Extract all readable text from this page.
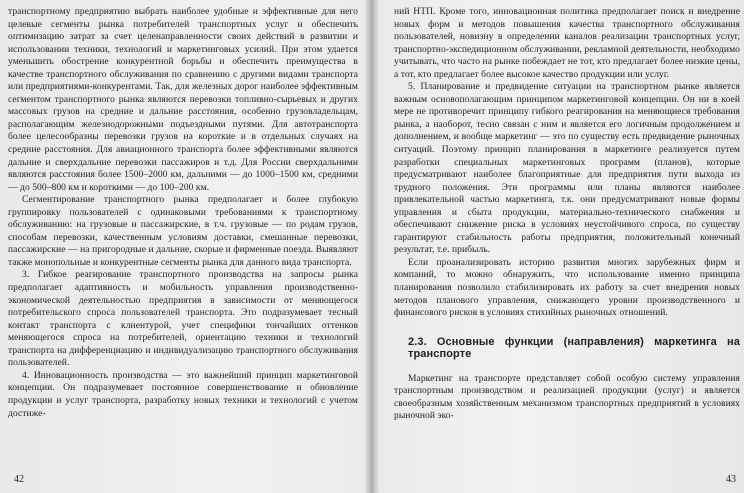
транспортному предприятию выбрать наиболее удобные и эффективные для него целевые сегменты рынка потребителей транспортных услуг и обеспечить оптимизацию затрат за счет целенаправленности своих действий в развитии и использовании техники, технологий и маркетинговых усилий. При этом удается уменьшить обострение конкурентной борьбы и обеспечить преимущества в качестве транспортного обслуживания по сравнению с другими видами транспорта или предприятиями-конкурентами. Так, для железных дорог наиболее эффективным сегментом транспортного рынка являются перевозки топливно-сырьевых и других массовых грузов на средние и дальние расстояния, особенно грузовладельцам, располагающим железнодорожными подъездными путями. Для автотранспорта более целесообразны перевозки грузов на короткие и в отдельных случаях на средние расстояния. Для авиационного транспорта более эффективными являются дальние и сверхдальние перевозки пассажиров и т.д. Для России сверхдальними являются расстояния более 1500–2000 км, дальними — до 1000–1500 км, средними — до 500–800 км и короткими — до 100–200 км.

Сегментирование транспортного рынка предполагает и более глубокую группировку пользователей с одинаковыми требованиями к транспортному обслуживанию: на грузовые и пассажирские, в т.ч. грузовые — по родам грузов, способам перевозки, качественным условиям доставки, смешанные перевозки, пассажирские — на пригородные и дальние, скорые и фирменные поезда. Выявляют также монопольные и конкурентные сегменты рынка для данного вида транспорта.

3. Гибкое реагирование транспортного производства на запросы рынка предполагает адаптивность и мобильность управления производственно-экономической деятельностью предприятия в зависимости от меняющегося потребительского спроса пользователей транспорта. Это подразумевает тесный контакт транспорта с клиентурой, учет специфики тончайших оттенков меняющегося спроса на потребителей, ориентацию техники и технологий транспорта на дифференциацию и индивидуализацию транспортного обслуживания пользователей.

4. Инновационность производства — это важнейший принцип маркетинговой концепции. Он подразумевает постоянное совершенствование и обновление продукции и услуг транспорта, разработку новых техники и технологий с учетом достиже-

42

ний НТП. Кроме того, инновационная политика предполагает поиск и внедрение новых форм и методов повышения качества транспортного обслуживания пользователей, новизну в определении каналов реализации транспортных услуг, транспортно-экспедиционном обслуживании, рекламной деятельности, необходимо учитывать, что часто на рынке побеждает не тот, кто предлагает более низкие цены, а тот, кто предлагает более высокое качество продукции или услуг.

5. Планирование и предвидение ситуации на транспортном рынке является важным основополагающим принципом маркетинговой концепции. Он ни в коей мере не противоречит принципу гибкого реагирования на меняющиеся требования рынка, а наоборот, тесно связан с ним и является его логичным продолжением и дополнением, и вообще маркетинг — это по существу есть предвидение рыночных ситуаций. Поэтому принцип планирования в маркетинге реализуется путем разработки специальных маркетинговых программ (планов), которые предусматривают наиболее благоприятные для предприятия пути выхода из трудного положения. Эти программы или планы являются наиболее привлекательной частью маркетинга, т.к. они предусматривают новые формы управления и сбыта продукции, материально-технического снабжения и обеспечивают снижение риска в условиях неустойчивого спроса, по существу гарантируют стабильность работы предприятия, положительный конечный результат, т.е. прибыль.

Если проанализировать историю развития многих зарубежных фирм и компаний, то можно обнаружить, что использование именно принципа планирования позволило стабилизировать их работу за счет внедрения новых методов планового управления, снижающего уровни производственного и финансового рисков в условиях стихийных рыночных отношений.

2.3. Основные функции (направления) маркетинга на транспорте

Маркетинг на транспорте представляет собой особую систему управления транспортным производством и реализацией продукции (услуг) и является своеобразным хозяйственным механизмом транспортных предприятий в условиях рыночной эко-

43
